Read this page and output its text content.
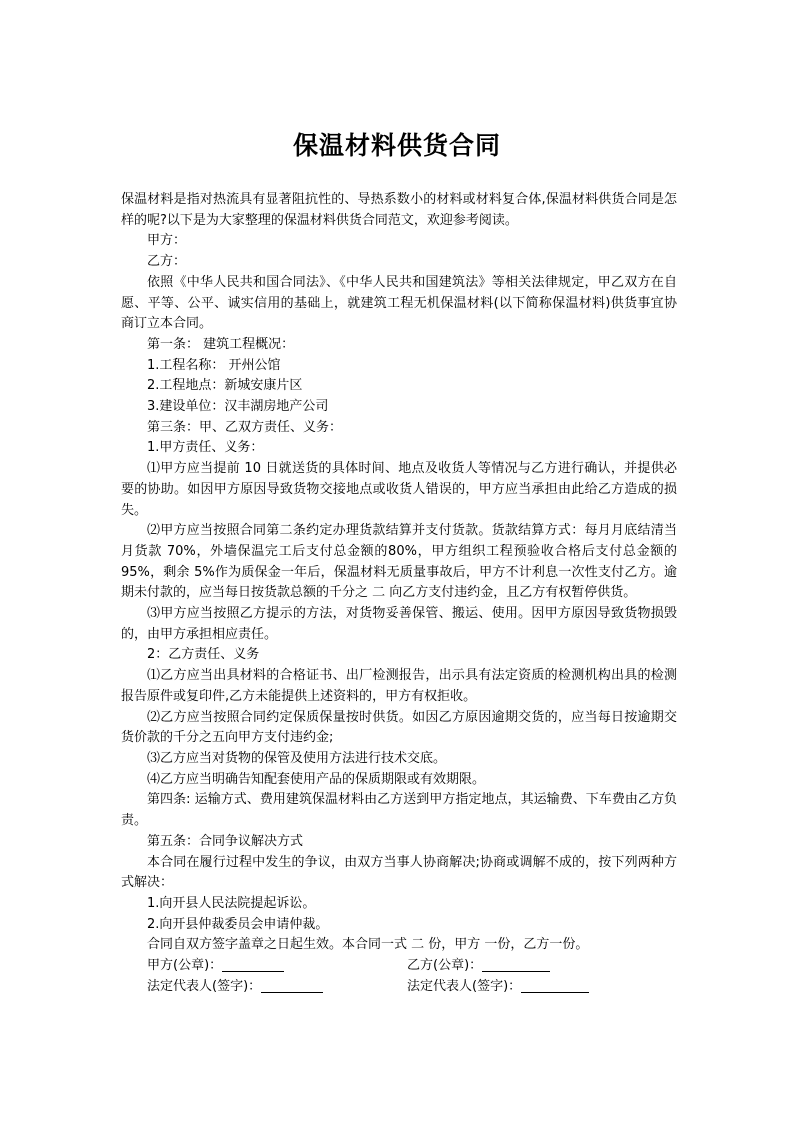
保温材料供货合同

保温材料是指对热流具有显著阻抗性的、导热系数小的材料或材料复合体,保温材料供货合同是怎样的呢?以下是为大家整理的保温材料供货合同范文，欢迎参考阅读。

甲方：

乙方：

依照《中华人民共和国合同法》、《中华人民共和国建筑法》等相关法律规定，甲乙双方在自愿、平等、公平、诚实信用的基础上，就建筑工程无机保温材料(以下简称保温材料)供货事宜协商订立本合同。

第一条： 建筑工程概况：

1.工程名称： 开州公馆

2.工程地点：新城安康片区

3.建设单位：汉丰湖房地产公司

第三条：甲、乙双方责任、义务：

1.甲方责任、义务：

⑴甲方应当提前 10 日就送货的具体时间、地点及收货人等情况与乙方进行确认，并提供必要的协助。如因甲方原因导致货物交接地点或收货人错误的，甲方应当承担由此给乙方造成的损失。

⑵甲方应当按照合同第二条约定办理货款结算并支付货款。货款结算方式：每月月底结清当月货款 70%，外墙保温完工后支付总金额的80%，甲方组织工程预验收合格后支付总金额的95%，剩余 5%作为质保金一年后，保温材料无质量事故后，甲方不计利息一次性支付乙方。逾期未付款的，应当每日按货款总额的千分之 二 向乙方支付违约金，且乙方有权暂停供货。

⑶甲方应当按照乙方提示的方法，对货物妥善保管、搬运、使用。因甲方原因导致货物损毁的，由甲方承担相应责任。

2：乙方责任、义务

⑴乙方应当出具材料的合格证书、出厂检测报告，出示具有法定资质的检测机构出具的检测报告原件或复印件,乙方未能提供上述资料的，甲方有权拒收。

⑵乙方应当按照合同约定保质保量按时供货。如因乙方原因逾期交货的，应当每日按逾期交货价款的千分之五向甲方支付违约金;

⑶乙方应当对货物的保管及使用方法进行技术交底。

⑷乙方应当明确告知配套使用产品的保质期限或有效期限。

第四条: 运输方式、费用建筑保温材料由乙方送到甲方指定地点，其运输费、下车费由乙方负责。

第五条：合同争议解决方式

本合同在履行过程中发生的争议，由双方当事人协商解决;协商或调解不成的，按下列两种方式解决：

1.向开县人民法院提起诉讼。

2.向开县仲裁委员会申请仲裁。

合同自双方签字盖章之日起生效。本合同一式 二 份，甲方 一份，乙方一份。

甲方(公章)：	乙方(公章)：
法定代表人(签字)：	法定代表人(签字)：
